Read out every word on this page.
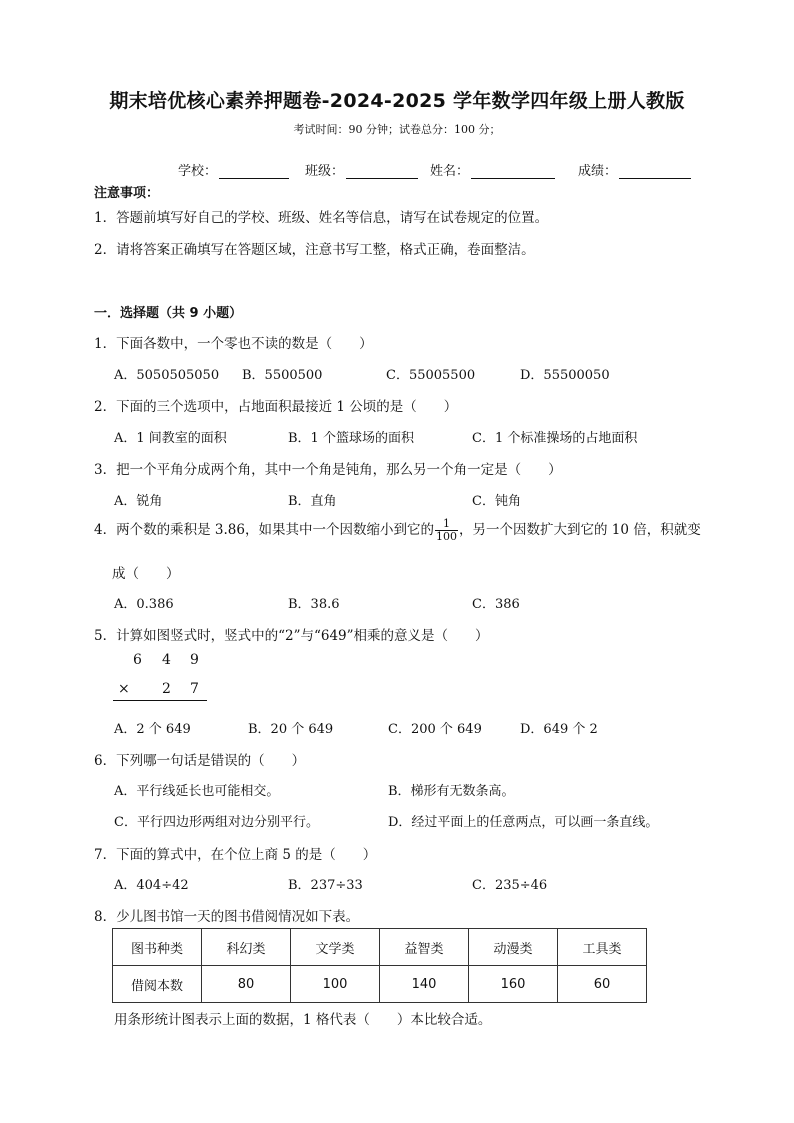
期末培优核心素养押题卷-2024-2025 学年数学四年级上册人教版
考试时间：90 分钟；试卷总分：100 分；
学校：	班级：	姓名：	成绩：
注意事项：
1．答题前填写好自己的学校、班级、姓名等信息，请写在试卷规定的位置。
2．请将答案正确填写在答题区域，注意书写工整，格式正确，卷面整洁。
一．选择题（共 9 小题）
1．下面各数中，一个零也不读的数是（　　）
A．5050505050 B．5500500	C．55005500	D．55500050
2．下面的三个选项中，占地面积最接近 1 公顷的是（　　）
A．1 间教室的面积	B．1 个篮球场的面积	C．1 个标准操场的占地面积
3．把一个平角分成两个角，其中一个角是钝角，那么另一个角一定是（　　）
A．锐角	B．直角	C．钝角
4．两个数的乘积是 3.86，如果其中一个因数缩小到它的 $\frac{1}{100}$ ，另一个因数扩大到它的 10 倍，积就变
成（　　）
A．0.386	B．38.6	C．386
5．计算如图竖式时，竖式中的“2”与“649”相乘的意义是（　　）
6 4 9
× 2 7
A．2 个 649	B．20 个 649	C．200 个 649	D．649 个 2
6．下列哪一句话是错误的（　　）
A．平行线延长也可能相交。	B．梯形有无数条高。
C．平行四边形两组对边分别平行。	D．经过平面上的任意两点，可以画一条直线。
7．下面的算式中，在个位上商 5 的是（　　）
A．404÷42	B．237÷33	C．235÷46
8．少儿图书馆一天的图书借阅情况如下表。
图书种类	科幻类	文学类	益智类	动漫类	工具类
借阅本数	80	100	140	160	60
用条形统计图表示上面的数据，1 格代表（　　）本比较合适。
